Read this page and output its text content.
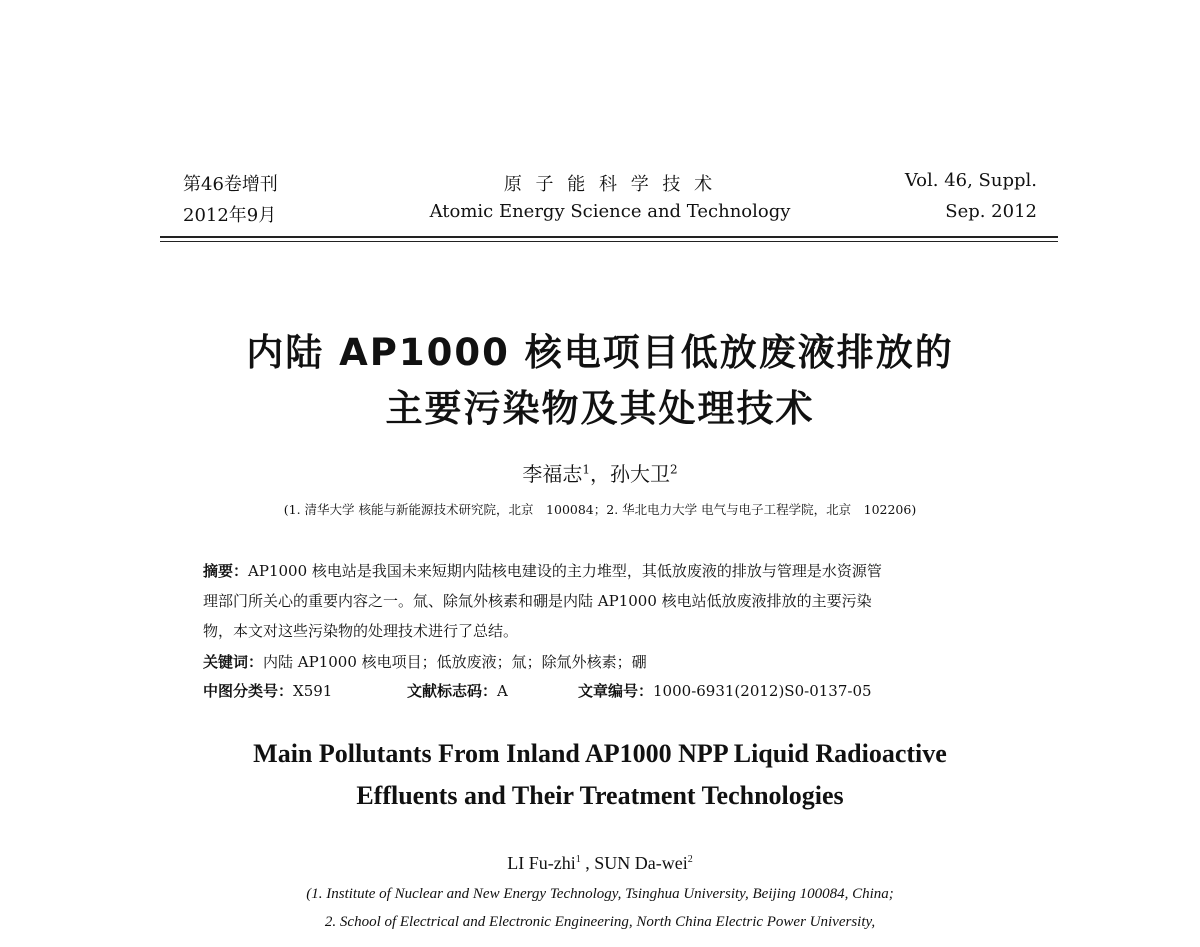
第46卷增刊
2012年9月
原 子 能 科 学 技 术
Atomic Energy Science and Technology
Vol. 46, Suppl.
Sep. 2012
内陆 AP1000 核电项目低放废液排放的
主要污染物及其处理技术
李福志$^1$，孙大卫$^2$
(1. 清华大学 核能与新能源技术研究院，北京　100084；2. 华北电力大学 电气与电子工程学院，北京　102206)
摘要：AP1000 核电站是我国未来短期内陆核电建设的主力堆型，其低放废液的排放与管理是水资源管
理部门所关心的重要内容之一。氚、除氚外核素和硼是内陆 AP1000 核电站低放废液排放的主要污染
物，本文对这些污染物的处理技术进行了总结。
关键词：内陆 AP1000 核电项目；低放废液；氚；除氚外核素；硼
中图分类号：X591	文献标志码：A	文章编号：1000-6931(2012)S0-0137-05
Main Pollutants From Inland AP1000 NPP Liquid Radioactive
Effluents and Their Treatment Technologies
LI Fu-zhi$^1$ , SUN Da-wei$^2$
(1. Institute of Nuclear and New Energy Technology, Tsinghua University, Beijing 100084, China;
2. School of Electrical and Electronic Engineering, North China Electric Power University,
